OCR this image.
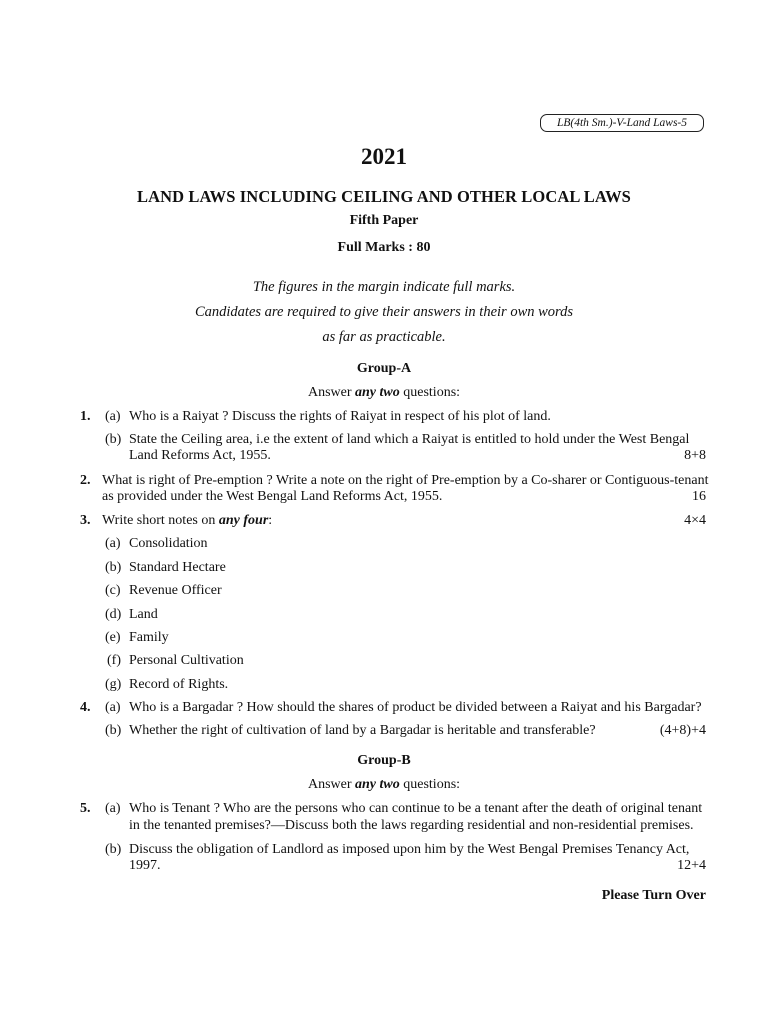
LB(4th Sm.)-V-Land Laws-5
2021
LAND LAWS INCLUDING CEILING AND OTHER LOCAL LAWS
Fifth Paper
Full Marks : 80
The figures in the margin indicate full marks.
Candidates are required to give their answers in their own words
as far as practicable.
Group-A
Answer any two questions:
1. (a) Who is a Raiyat ? Discuss the rights of Raiyat in respect of his plot of land.
(b) State the Ceiling area, i.e the extent of land which a Raiyat is entitled to hold under the West Bengal
Land Reforms Act, 1955.	8+8
2. What is right of Pre-emption ? Write a note on the right of Pre-emption by a Co-sharer or Contiguous-tenant
as provided under the West Bengal Land Reforms Act, 1955.	16
3. Write short notes on any four:	4×4
(a) Consolidation
(b) Standard Hectare
(c) Revenue Officer
(d) Land
(e) Family
(f) Personal Cultivation
(g) Record of Rights.
4. (a) Who is a Bargadar ? How should the shares of product be divided between a Raiyat and his Bargadar?
(b) Whether the right of cultivation of land by a Bargadar is heritable and transferable?	(4+8)+4
Group-B
Answer any two questions:
5. (a) Who is Tenant ? Who are the persons who can continue to be a tenant after the death of original tenant
in the tenanted premises?—Discuss both the laws regarding residential and non-residential premises.
(b) Discuss the obligation of Landlord as imposed upon him by the West Bengal Premises Tenancy Act,
1997.	12+4
Please Turn Over
